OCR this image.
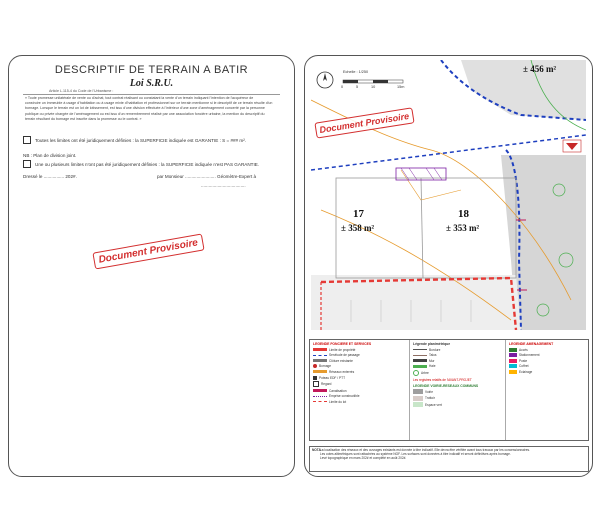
DESCRIPTIF DE TERRAIN A BATIR
Loi S.R.U.
Article L.115-4 du Code de l'Urbanisme :
« Toute promesse unilatérale de vente ou d'achat, tout contrat réalisant ou constatant la vente d'un terrain indiquant l'intention de l'acquéreur de
construire un immeuble à usage d'habitation ou à usage mixte d'habitation et professionnel sur ce terrain mentionne si le descriptif de ce terrain résulte d'un
bornage. Lorsque le terrain est un lot de lotissement, est issu d'une division effectuée à l'intérieur d'une zone d'aménagement concerté par la personne
publique ou privée chargée de l'aménagement ou est issu d'un remembrement réalisé par une association foncière urbaine, la mention du descriptif du
terrain résultant du bornage est inscrite dans la promesse ou le contrat. »
Toutes les limites ont été juridiquement définies : la SUPERFICIE indiquée est GARANTIE : S = ### m².
NB : Plan de division joint.
Une ou plusieurs limites n'ont pas été juridiquement définies : la SUPERFICIE indiquée n'est PAS GARANTIE.
Dressé le ................ 202#.	par Monsieur ........................ Géomètre-Expert à
...................................
Document Provisoire
Echelle : 1/250
0	5	10	15m
± 456 m²
17
± 358 m²
18
± 353 m²
Document Provisoire
LEGENDE FONCIERE ET SERVICES
Limite de propriété
Servitude de passage
Clôture existante
Bornage
Réseaux enterrés
Poteau EDF / PTT
Regard
Canalisation
Emprise constructible
Limite du lot
Légende planimétrique
Bordure
Talus
Mur
Haie
Arbre
Les registres relatifs de l'AVANT-PROJET
LEGENDE VOIRIE-RESEAUX COMMUNS
Voirie
Trottoir
Espace vert
LEGENDE AMENAGEMENT
Accès
Stationnement
Poste
Coffret
Eclairage
NOTA :
La localisation des réseaux et des ouvrages existants est donnée à titre indicatif. Elle devra être vérifiée avant tous travaux par les concessionnaires.
Les cotes altimétriques sont rattachées au système NGF. Les surfaces sont données à titre indicatif et seront définitives après bornage.
Levé topographique en mars 202# et complété en août 202#.
